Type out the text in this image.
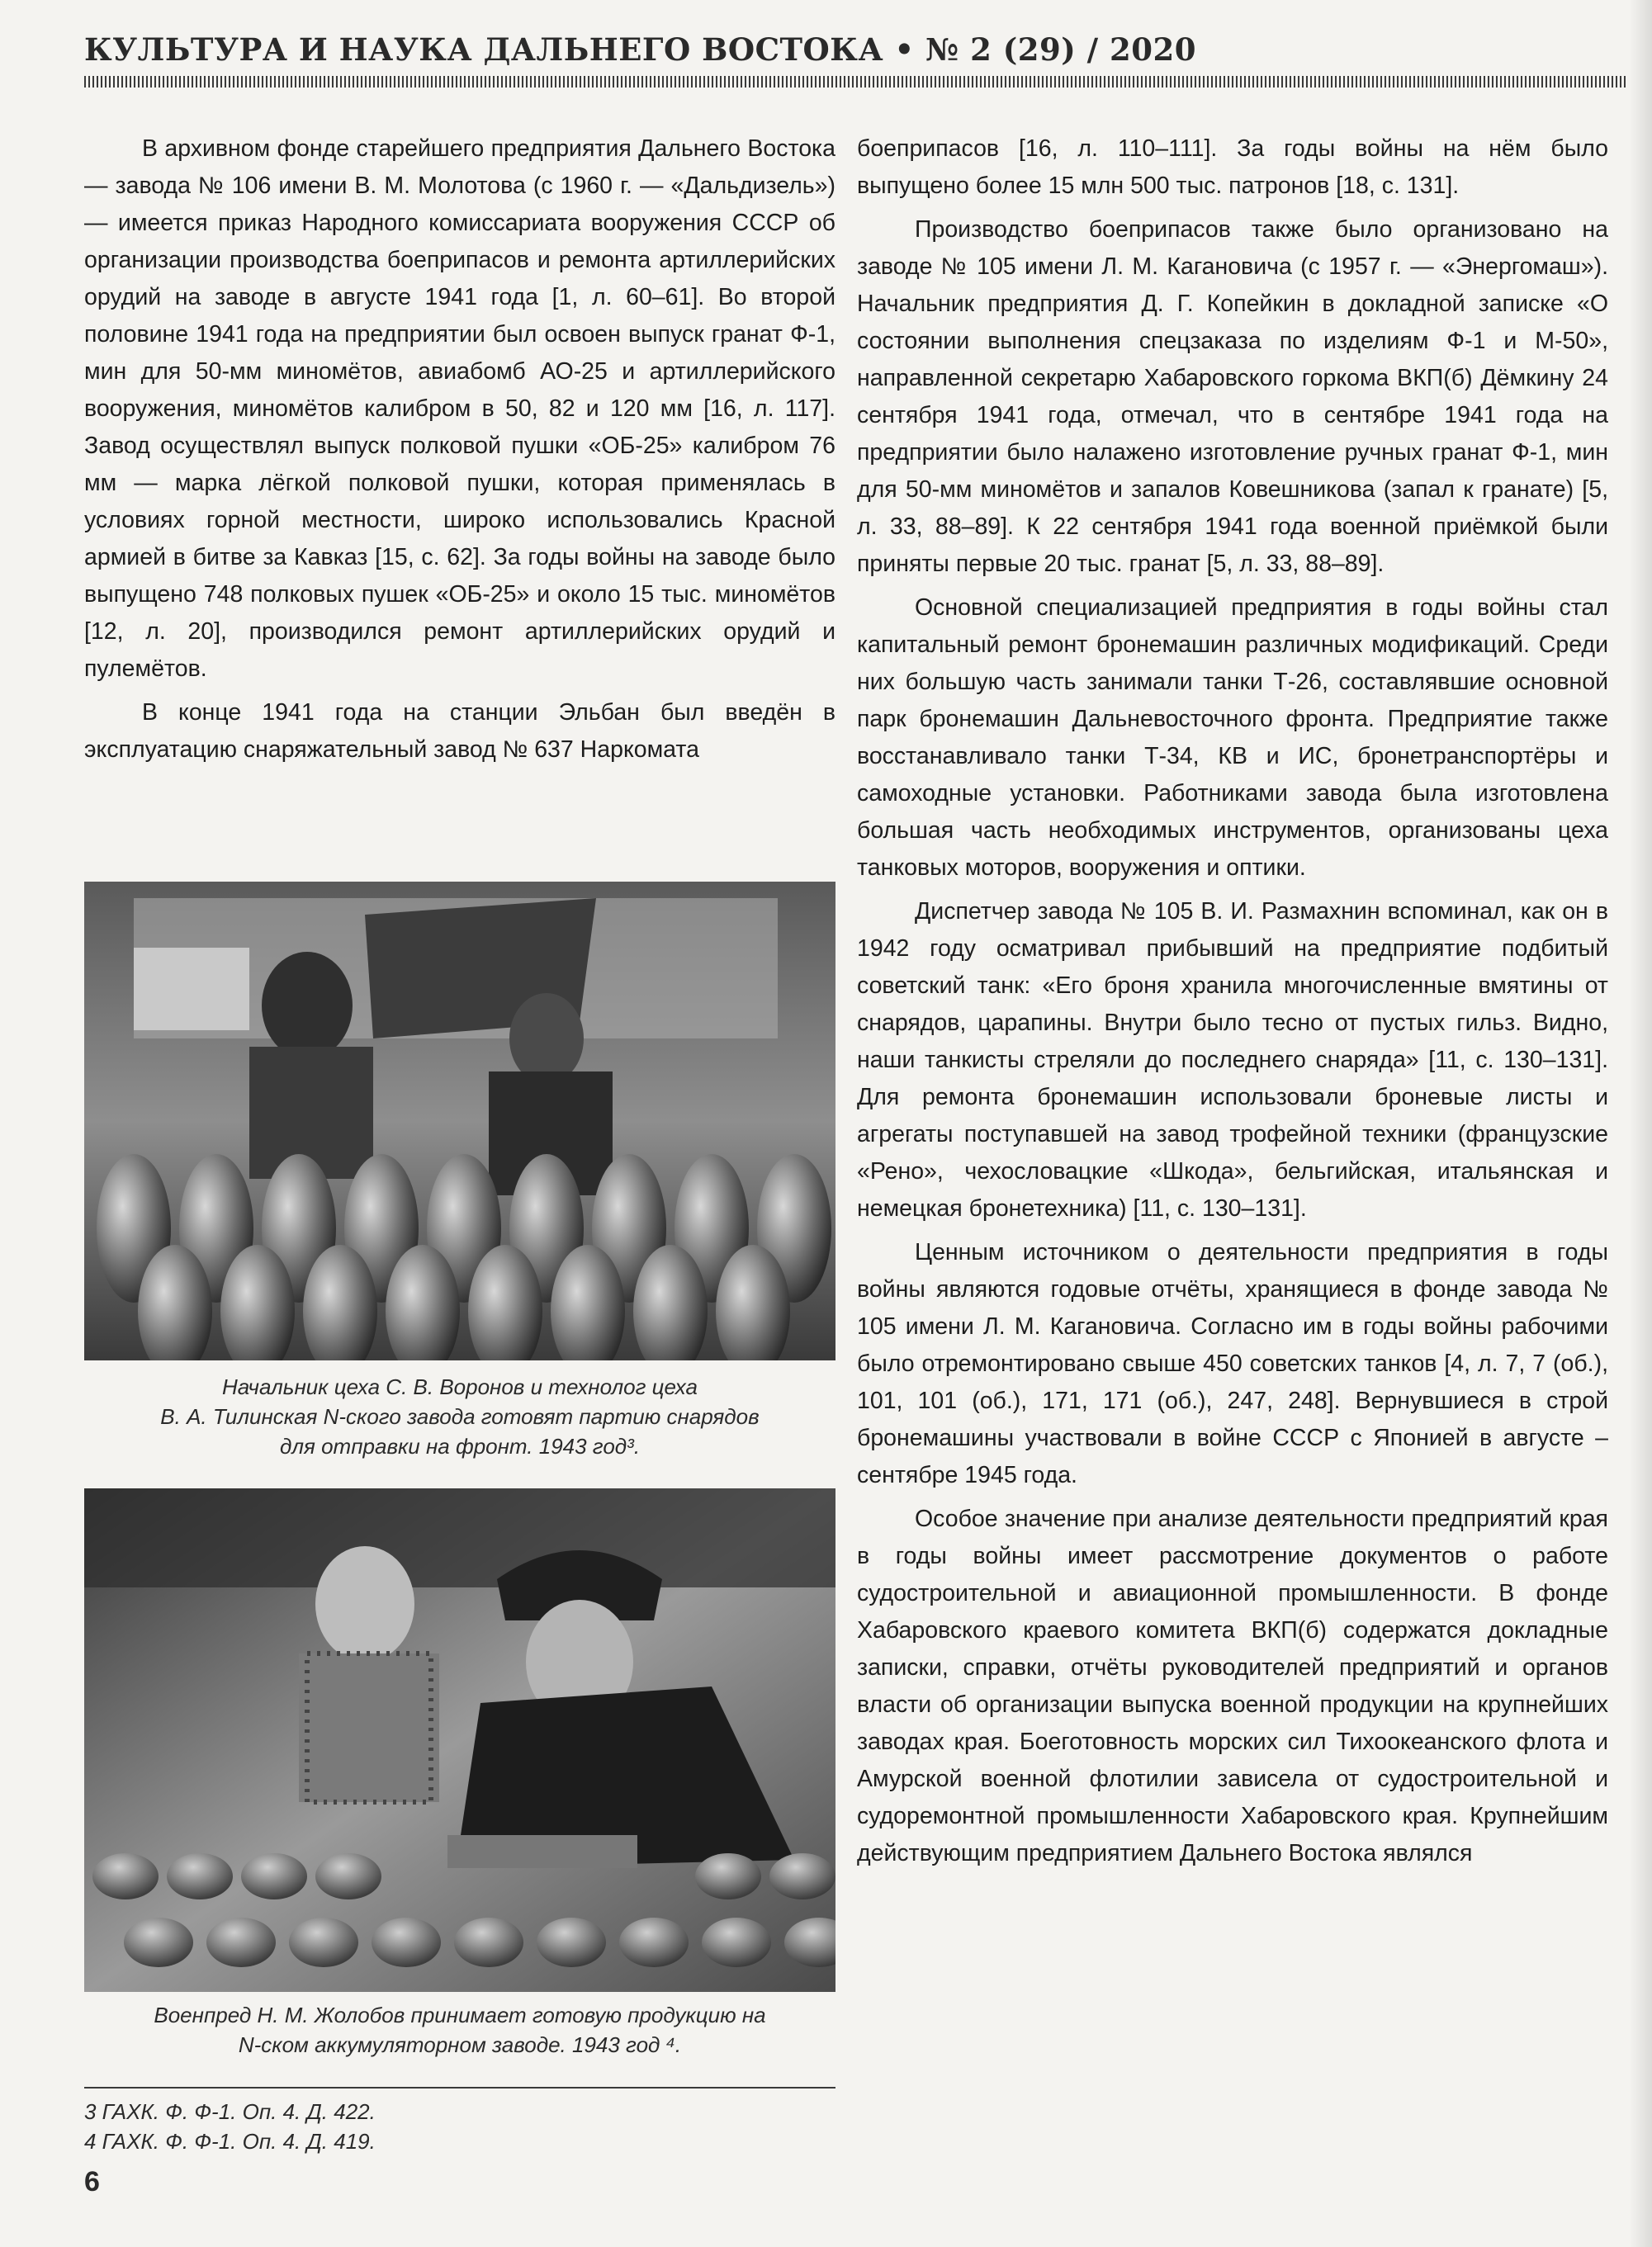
КУЛЬТУРА И НАУКА ДАЛЬНЕГО ВОСТОКА • № 2 (29) / 2020

В архивном фонде старейшего предприятия Дальнего Востока — завода № 106 имени В. М. Молотова (с 1960 г. — «Дальдизель») — имеется приказ Народного комиссариата вооружения СССР об организации производства боеприпасов и ремонта артиллерийских орудий на заводе в августе 1941 года [1, л. 60–61]. Во второй половине 1941 года на предприятии был освоен выпуск гранат Ф-1, мин для 50-мм миномётов, авиабомб АО-25 и артиллерийского вооружения, миномётов калибром в 50, 82 и 120 мм [16, л. 117]. Завод осуществлял выпуск полковой пушки «ОБ-25» калибром 76 мм — марка лёгкой полковой пушки, которая применялась в условиях горной местности, широко использовались Красной армией в битве за Кавказ [15, с. 62]. За годы войны на заводе было выпущено 748 полковых пушек «ОБ-25» и около 15 тыс. миномётов [12, л. 20], производился ремонт артиллерийских орудий и пулемётов.

В конце 1941 года на станции Эльбан был введён в эксплуатацию снаряжательный завод № 637 Наркомата

Начальник цеха С. В. Воронов и технолог цеха
В. А. Тилинская N-ского завода готовят партию снарядов
для отправки на фронт. 1943 год³.
Военпред Н. М. Жолобов принимает готовую продукцию на
N-ском аккумуляторном заводе. 1943 год ⁴.
3 ГАХК. Ф. Ф-1. Оп. 4. Д. 422.
4 ГАХК. Ф. Ф-1. Оп. 4. Д. 419.
6

боеприпасов [16, л. 110–111]. За годы войны на нём было выпущено более 15 млн 500 тыс. патронов [18, с. 131].

Производство боеприпасов также было организовано на заводе № 105 имени Л. М. Кагановича (с 1957 г. — «Энергомаш»). Начальник предприятия Д. Г. Копейкин в докладной записке «О состоянии выполнения спецзаказа по изделиям Ф-1 и М-50», направленной секретарю Хабаровского горкома ВКП(б) Дёмкину 24 сентября 1941 года, отмечал, что в сентябре 1941 года на предприятии было налажено изготовление ручных гранат Ф-1, мин для 50-мм миномётов и запалов Ковешникова (запал к гранате) [5, л. 33, 88–89]. К 22 сентября 1941 года военной приёмкой были приняты первые 20 тыс. гранат [5, л. 33, 88–89].

Основной специализацией предприятия в годы войны стал капитальный ремонт бронемашин различных модификаций. Среди них большую часть занимали танки Т-26, составлявшие основной парк бронемашин Дальневосточного фронта. Предприятие также восстанавливало танки Т-34, КВ и ИС, бронетранспортёры и самоходные установки. Работниками завода была изготовлена большая часть необходимых инструментов, организованы цеха танковых моторов, вооружения и оптики.

Диспетчер завода № 105 В. И. Размахнин вспоминал, как он в 1942 году осматривал прибывший на предприятие подбитый советский танк: «Его броня хранила многочисленные вмятины от снарядов, царапины. Внутри было тесно от пустых гильз. Видно, наши танкисты стреляли до последнего снаряда» [11, с. 130–131]. Для ремонта бронемашин использовали броневые листы и агрегаты поступавшей на завод трофейной техники (французские «Рено», чехословацкие «Шкода», бельгийская, итальянская и немецкая бронетехника) [11, с. 130–131].

Ценным источником о деятельности предприятия в годы войны являются годовые отчёты, хранящиеся в фонде завода № 105 имени Л. М. Кагановича. Согласно им в годы войны рабочими было отремонтировано свыше 450 советских танков [4, л. 7, 7 (об.), 101, 101 (об.), 171, 171 (об.), 247, 248]. Вернувшиеся в строй бронемашины участвовали в войне СССР с Японией в августе – сентябре 1945 года.

Особое значение при анализе деятельности предприятий края в годы войны имеет рассмотрение документов о работе судостроительной и авиационной промышленности. В фонде Хабаровского краевого комитета ВКП(б) содержатся докладные записки, справки, отчёты руководителей предприятий и органов власти об организации выпуска военной продукции на крупнейших заводах края. Боеготовность морских сил Тихоокеанского флота и Амурской военной флотилии зависела от судостроительной и судоремонтной промышленности Хабаровского края. Крупнейшим действующим предприятием Дальнего Востока являлся
